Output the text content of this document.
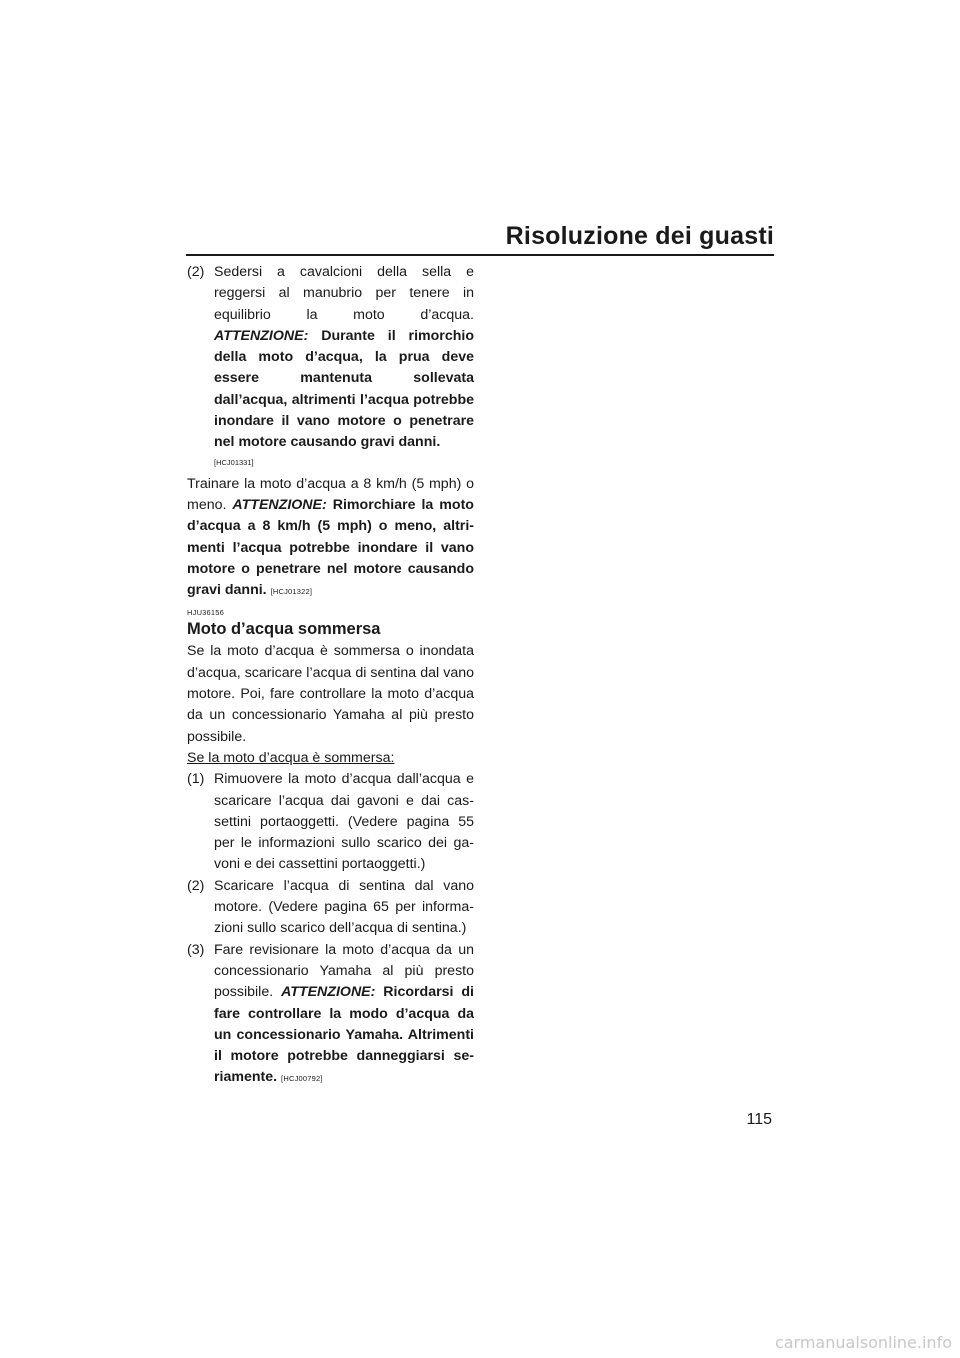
Risoluzione dei guasti

(2) Sedersi a cavalcioni della sella e reggersi al manubrio per tenere in equilibrio la moto d’acqua. ATTENZIONE: Durante il rimorchio della moto d’acqua, la prua deve essere mantenuta sollevata dall’acqua, altrimenti l’acqua potrebbe inondare il vano motore o penetrare nel motore causando gravi danni.

[HCJ01331]

Trainare la moto d’acqua a 8 km/h (5 mph) o meno. ATTENZIONE: Rimorchiare la moto d’acqua a 8 km/h (5 mph) o meno, altrimenti l’acqua potrebbe inondare il vano motore o penetrare nel motore causando gravi danni. [HCJ01322]

HJU36156
Moto d’acqua sommersa

Se la moto d’acqua è sommersa o inondata d’acqua, scaricare l’acqua di sentina dal vano motore. Poi, fare controllare la moto d’acqua da un concessionario Yamaha al più presto possibile.

Se la moto d’acqua è sommersa:

(1) Rimuovere la moto d’acqua dall’acqua e scaricare l’acqua dai gavoni e dai cassettini portaoggetti. (Vedere pagina 55 per le informazioni sullo scarico dei gavoni e dei cassettini portaoggetti.)

(2) Scaricare l’acqua di sentina dal vano motore. (Vedere pagina 65 per informazioni sullo scarico dell’acqua di sentina.)

(3) Fare revisionare la moto d’acqua da un concessionario Yamaha al più presto possibile. ATTENZIONE: Ricordarsi di fare controllare la modo d’acqua da un concessionario Yamaha. Altrimenti il motore potrebbe danneggiarsi seriamente. [HCJ00792]

115
carmanualsonline.info
